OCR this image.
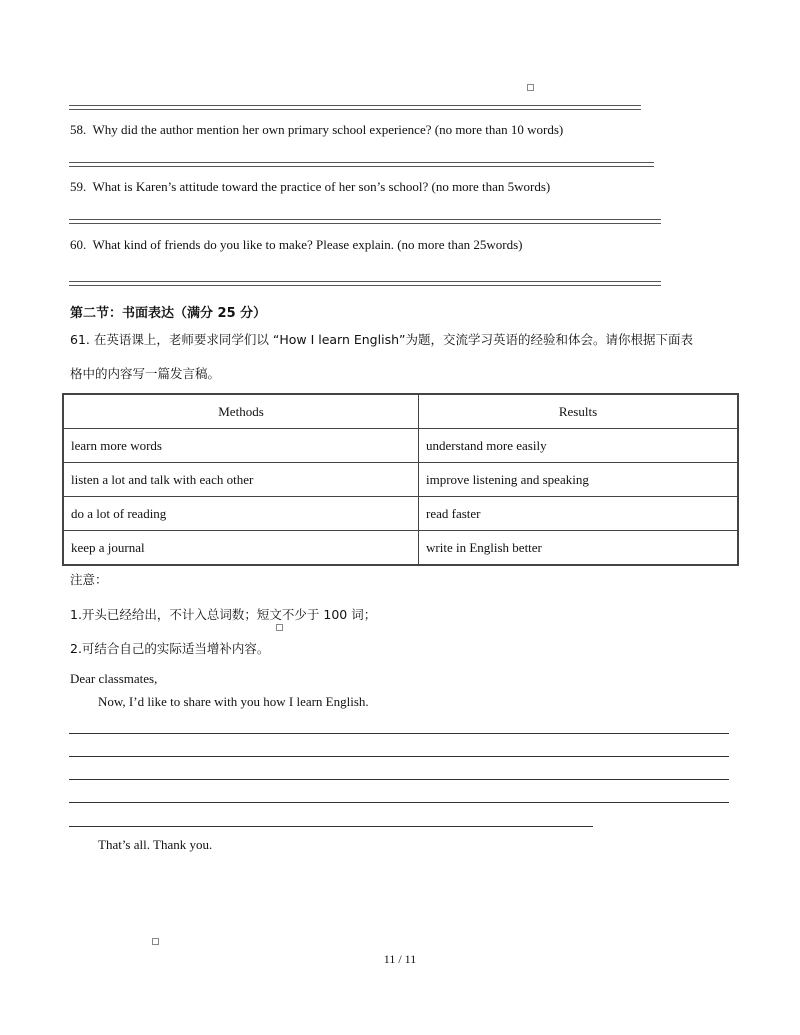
58. Why did the author mention her own primary school experience? (no more than 10 words)
59. What is Karen’s attitude toward the practice of her son’s school? (no more than 5words)
60. What kind of friends do you like to make? Please explain. (no more than 25words)
第二节：书面表达（满分 25 分）
61. 在英语课上，老师要求同学们以 “How I learn English”为题，交流学习英语的经验和体会。请你根据下面表
格中的内容写一篇发言稿。
Methods	Results
learn more words	understand more easily
listen a lot and talk with each other	improve listening and speaking
do a lot of reading	read faster
keep a journal	write in English better
注意：
1.开头已经给出，不计入总词数；短文不少于 100 词；
2.可结合自己的实际适当增补内容。
Dear classmates,
Now, I’d like to share with you how I learn English.
That’s all. Thank you.
11 / 11
